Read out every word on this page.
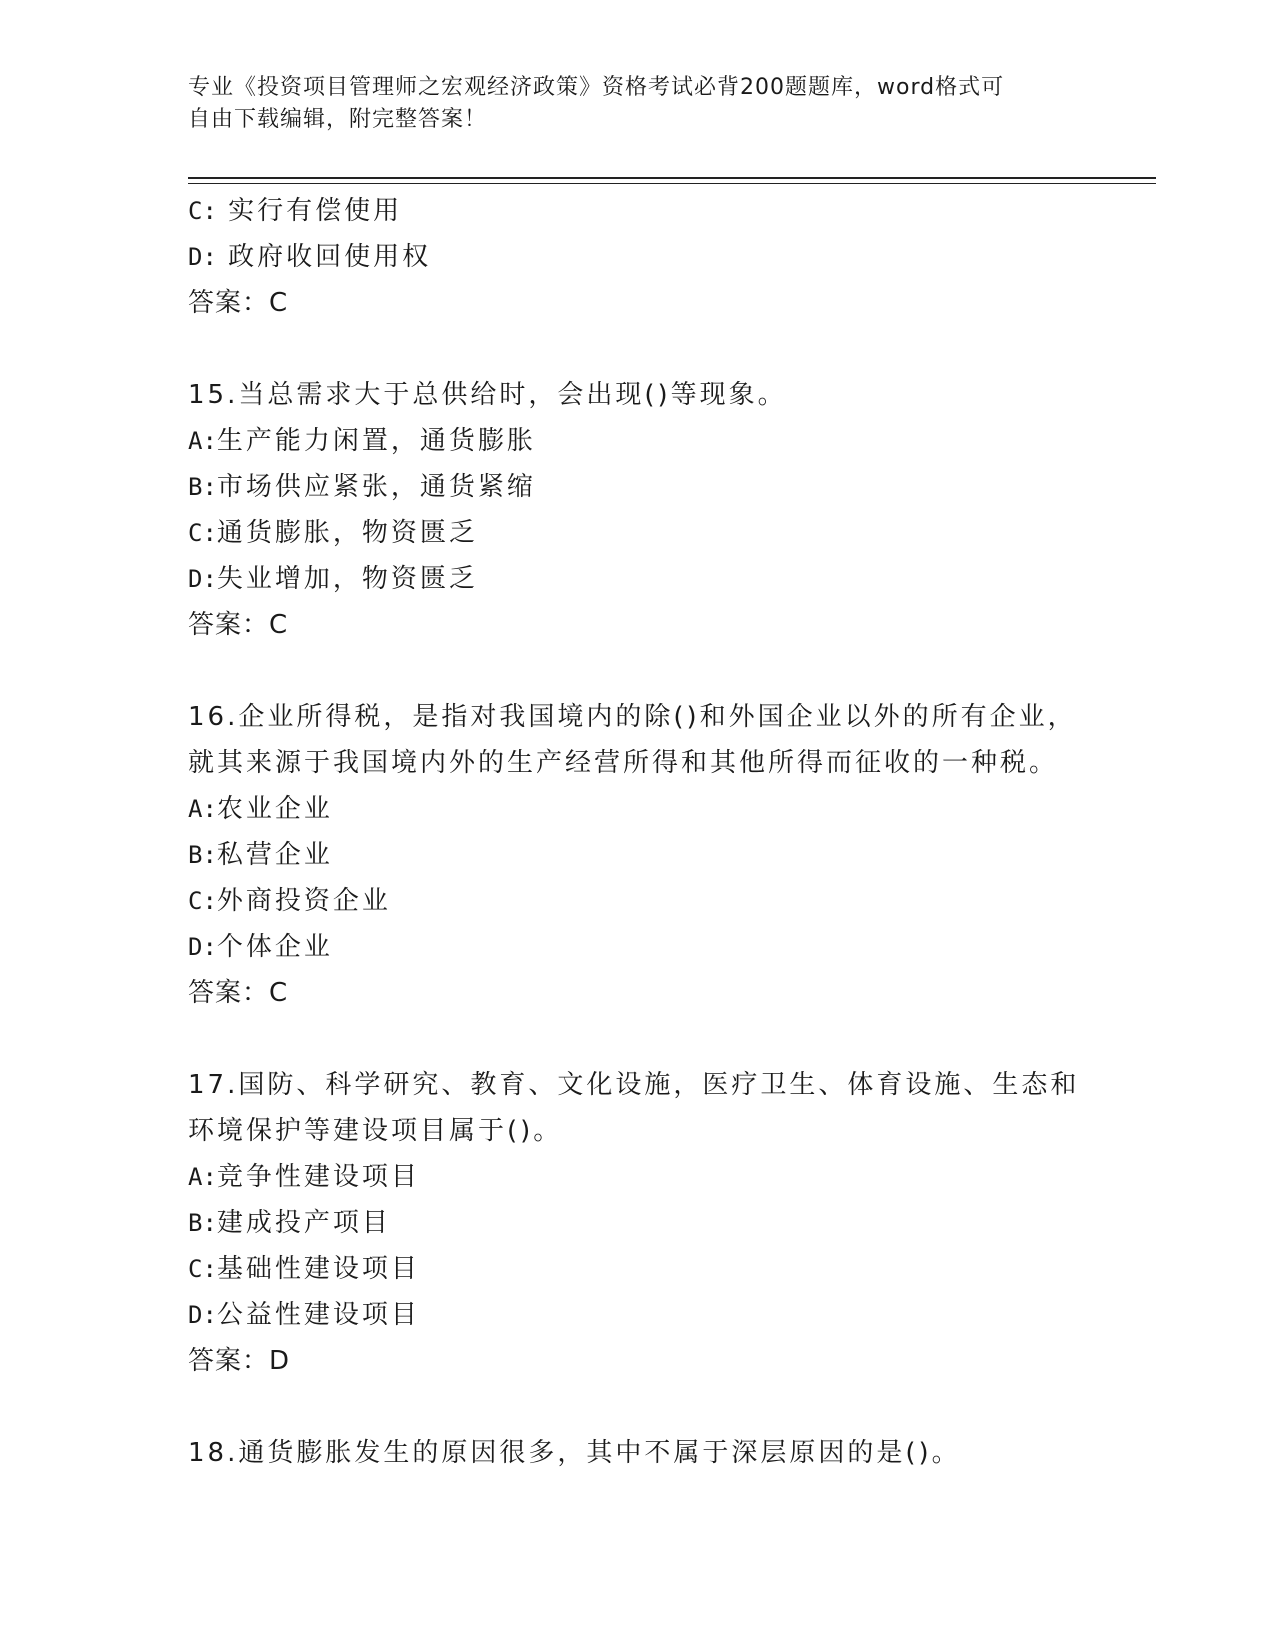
专业《投资项目管理师之宏观经济政策》资格考试必背200题题库，word格式可
自由下载编辑，附完整答案！
C: 实行有偿使用
D: 政府收回使用权
答案：C
15.当总需求大于总供给时，会出现()等现象。
A:生产能力闲置，通货膨胀
B:市场供应紧张，通货紧缩
C:通货膨胀，物资匮乏
D:失业增加，物资匮乏
答案：C
16.企业所得税，是指对我国境内的除()和外国企业以外的所有企业，
就其来源于我国境内外的生产经营所得和其他所得而征收的一种税。
A:农业企业
B:私营企业
C:外商投资企业
D:个体企业
答案：C
17.国防、科学研究、教育、文化设施，医疗卫生、体育设施、生态和
环境保护等建设项目属于()。
A:竞争性建设项目
B:建成投产项目
C:基础性建设项目
D:公益性建设项目
答案：D
18.通货膨胀发生的原因很多，其中不属于深层原因的是()。
